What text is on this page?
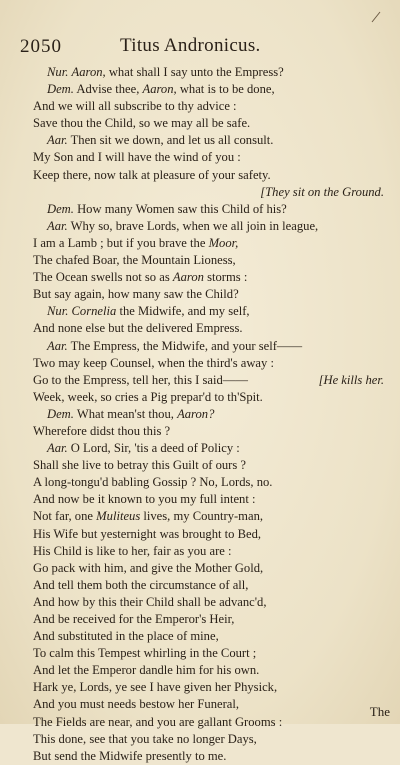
2050	Titus Andronicus.
Nur. Aaron, what shall I say unto the Empress?
Dem. Advise thee, Aaron, what is to be done,
And we will all subscribe to thy advice :
Save thou the Child, so we may all be safe.
Aar. Then sit we down, and let us all consult.
My Son and I will have the wind of you :
Keep there, now talk at pleasure of your safety.
[They sit on the Ground.
Dem. How many Women saw this Child of his?
Aar. Why so, brave Lords, when we all join in league,
I am a Lamb ; but if you brave the Moor,
The chafed Boar, the Mountain Lioness,
The Ocean swells not so as Aaron storms :
But say again, how many saw the Child?
Nur. Cornelia the Midwife, and my self,
And none else but the delivered Empress.
Aar. The Empress, the Midwife, and your self——
Two may keep Counsel, when the third's away :
Go to the Empress, tell her, this I said——	[He kills her.
Week, week, so cries a Pig prepar'd to th'Spit.
Dem. What mean'st thou, Aaron?
Wherefore didst thou this ?
Aar. O Lord, Sir, 'tis a deed of Policy :
Shall she live to betray this Guilt of ours ?
A long-tongu'd babling Gossip ? No, Lords, no.
And now be it known to you my full intent :
Not far, one Muliteus lives, my Country-man,
His Wife but yesternight was brought to Bed,
His Child is like to her, fair as you are :
Go pack with him, and give the Mother Gold,
And tell them both the circumstance of all,
And how by this their Child shall be advanc'd,
And be received for the Emperor's Heir,
And substituted in the place of mine,
To calm this Tempest whirling in the Court ;
And let the Emperor dandle him for his own.
Hark ye, Lords, ye see I have given her Physick,
And you must needs bestow her Funeral,
The Fields are near, and you are gallant Grooms :
This done, see that you take no longer Days,
But send the Midwife presently to me.
The
